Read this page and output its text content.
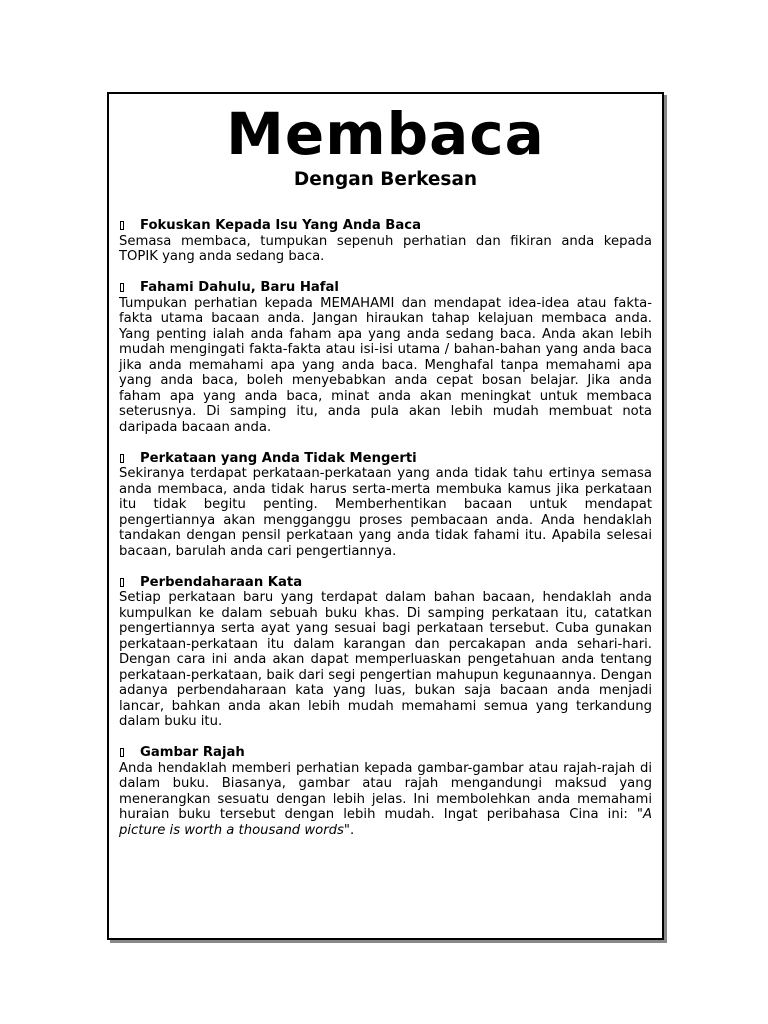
Membaca
Dengan Berkesan
Fokuskan Kepada Isu Yang Anda Baca
Semasa membaca, tumpukan sepenuh perhatian dan fikiran anda kepada TOPIK yang anda sedang baca.
Fahami Dahulu, Baru Hafal
Tumpukan perhatian kepada MEMAHAMI dan mendapat idea-idea atau fakta-fakta utama bacaan anda. Jangan hiraukan tahap kelajuan membaca anda. Yang penting ialah anda faham apa yang anda sedang baca. Anda akan lebih mudah mengingati fakta-fakta atau isi-isi utama / bahan-bahan yang anda baca jika anda memahami apa yang anda baca. Menghafal tanpa memahami apa yang anda baca, boleh menyebabkan anda cepat bosan belajar. Jika anda faham apa yang anda baca, minat anda akan meningkat untuk membaca seterusnya. Di samping itu, anda pula akan lebih mudah membuat nota daripada bacaan anda.
Perkataan yang Anda Tidak Mengerti
Sekiranya terdapat perkataan-perkataan yang anda tidak tahu ertinya semasa anda membaca, anda tidak harus serta-merta membuka kamus jika perkataan itu tidak begitu penting. Memberhentikan bacaan untuk mendapat pengertiannya akan mengganggu proses pembacaan anda. Anda hendaklah tandakan dengan pensil perkataan yang anda tidak fahami itu. Apabila selesai bacaan, barulah anda cari pengertiannya.
Perbendaharaan Kata
Setiap perkataan baru yang terdapat dalam bahan bacaan, hendaklah anda kumpulkan ke dalam sebuah buku khas. Di samping perkataan itu, catatkan pengertiannya serta ayat yang sesuai bagi perkataan tersebut. Cuba gunakan perkataan-perkataan itu dalam karangan dan percakapan anda sehari-hari. Dengan cara ini anda akan dapat memperluaskan pengetahuan anda tentang perkataan-perkataan, baik dari segi pengertian mahupun kegunaannya. Dengan adanya perbendaharaan kata yang luas, bukan saja bacaan anda menjadi lancar, bahkan anda akan lebih mudah memahami semua yang terkandung dalam buku itu.
Gambar Rajah
Anda hendaklah memberi perhatian kepada gambar-gambar atau rajah-rajah di dalam buku. Biasanya, gambar atau rajah mengandungi maksud yang menerangkan sesuatu dengan lebih jelas. Ini membolehkan anda memahami huraian buku tersebut dengan lebih mudah. Ingat peribahasa Cina ini: "A picture is worth a thousand words".
